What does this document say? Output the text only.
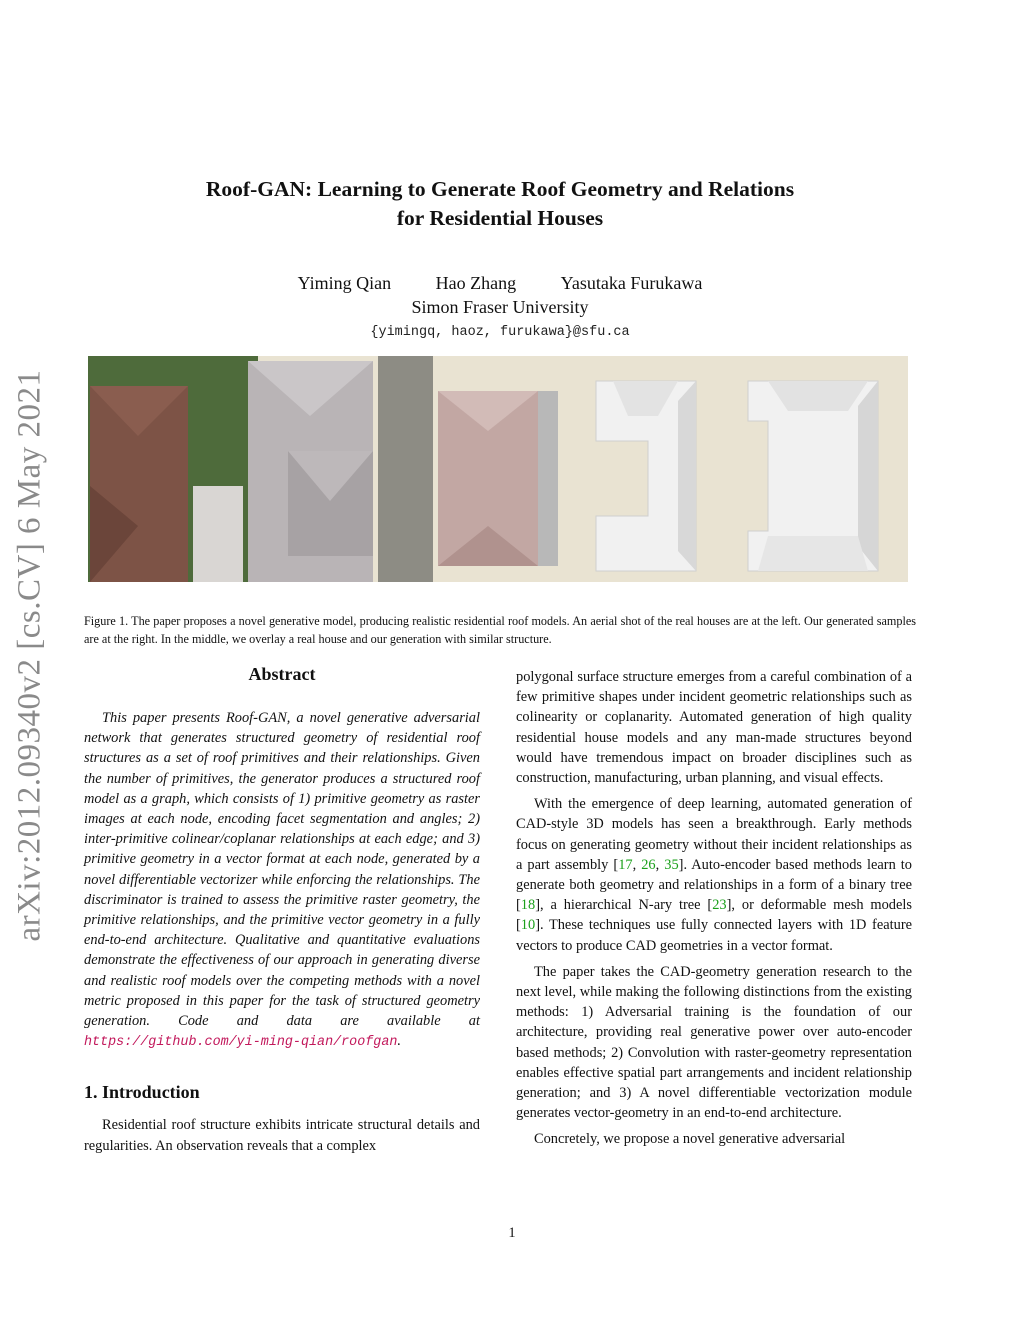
arXiv:2012.09340v2 [cs.CV] 6 May 2021
Roof-GAN: Learning to Generate Roof Geometry and Relations
for Residential Houses
Yiming Qian Hao Zhang Yasutaka Furukawa
Simon Fraser University
{yimingq, haoz, furukawa}@sfu.ca
Figure 1. The paper proposes a novel generative model, producing realistic residential roof models. An aerial shot of the real houses are at the left. Our generated samples are at the right. In the middle, we overlay a real house and our generation with similar structure.
Abstract

This paper presents Roof-GAN, a novel generative adversarial network that generates structured geometry of residential roof structures as a set of roof primitives and their relationships. Given the number of primitives, the generator produces a structured roof model as a graph, which consists of 1) primitive geometry as raster images at each node, encoding facet segmentation and angles; 2) inter-primitive colinear/coplanar relationships at each edge; and 3) primitive geometry in a vector format at each node, generated by a novel differentiable vectorizer while enforcing the relationships. The discriminator is trained to assess the primitive raster geometry, the primitive relationships, and the primitive vector geometry in a fully end-to-end architecture. Qualitative and quantitative evaluations demonstrate the effectiveness of our approach in generating diverse and realistic roof models over the competing methods with a novel metric proposed in this paper for the task of structured geometry generation. Code and data are available at https://github.com/yi-ming-qian/roofgan.

1. Introduction

Residential roof structure exhibits intricate structural details and regularities. An observation reveals that a complex

polygonal surface structure emerges from a careful combination of a few primitive shapes under incident geometric relationships such as colinearity or coplanarity. Automated generation of high quality residential house models and any man-made structures beyond would have tremendous impact on broader disciplines such as construction, manufacturing, urban planning, and visual effects.

With the emergence of deep learning, automated generation of CAD-style 3D models has seen a breakthrough. Early methods focus on generating geometry without their incident relationships as a part assembly [17, 26, 35]. Auto-encoder based methods learn to generate both geometry and relationships in a form of a binary tree [18], a hierarchical N-ary tree [23], or deformable mesh models [10]. These techniques use fully connected layers with 1D feature vectors to produce CAD geometries in a vector format.

The paper takes the CAD-geometry generation research to the next level, while making the following distinctions from the existing methods: 1) Adversarial training is the foundation of our architecture, providing real generative power over auto-encoder based methods; 2) Convolution with raster-geometry representation enables effective spatial part arrangements and incident relationship generation; and 3) A novel differentiable vectorization module generates vector-geometry in an end-to-end architecture.

Concretely, we propose a novel generative adversarial

1
